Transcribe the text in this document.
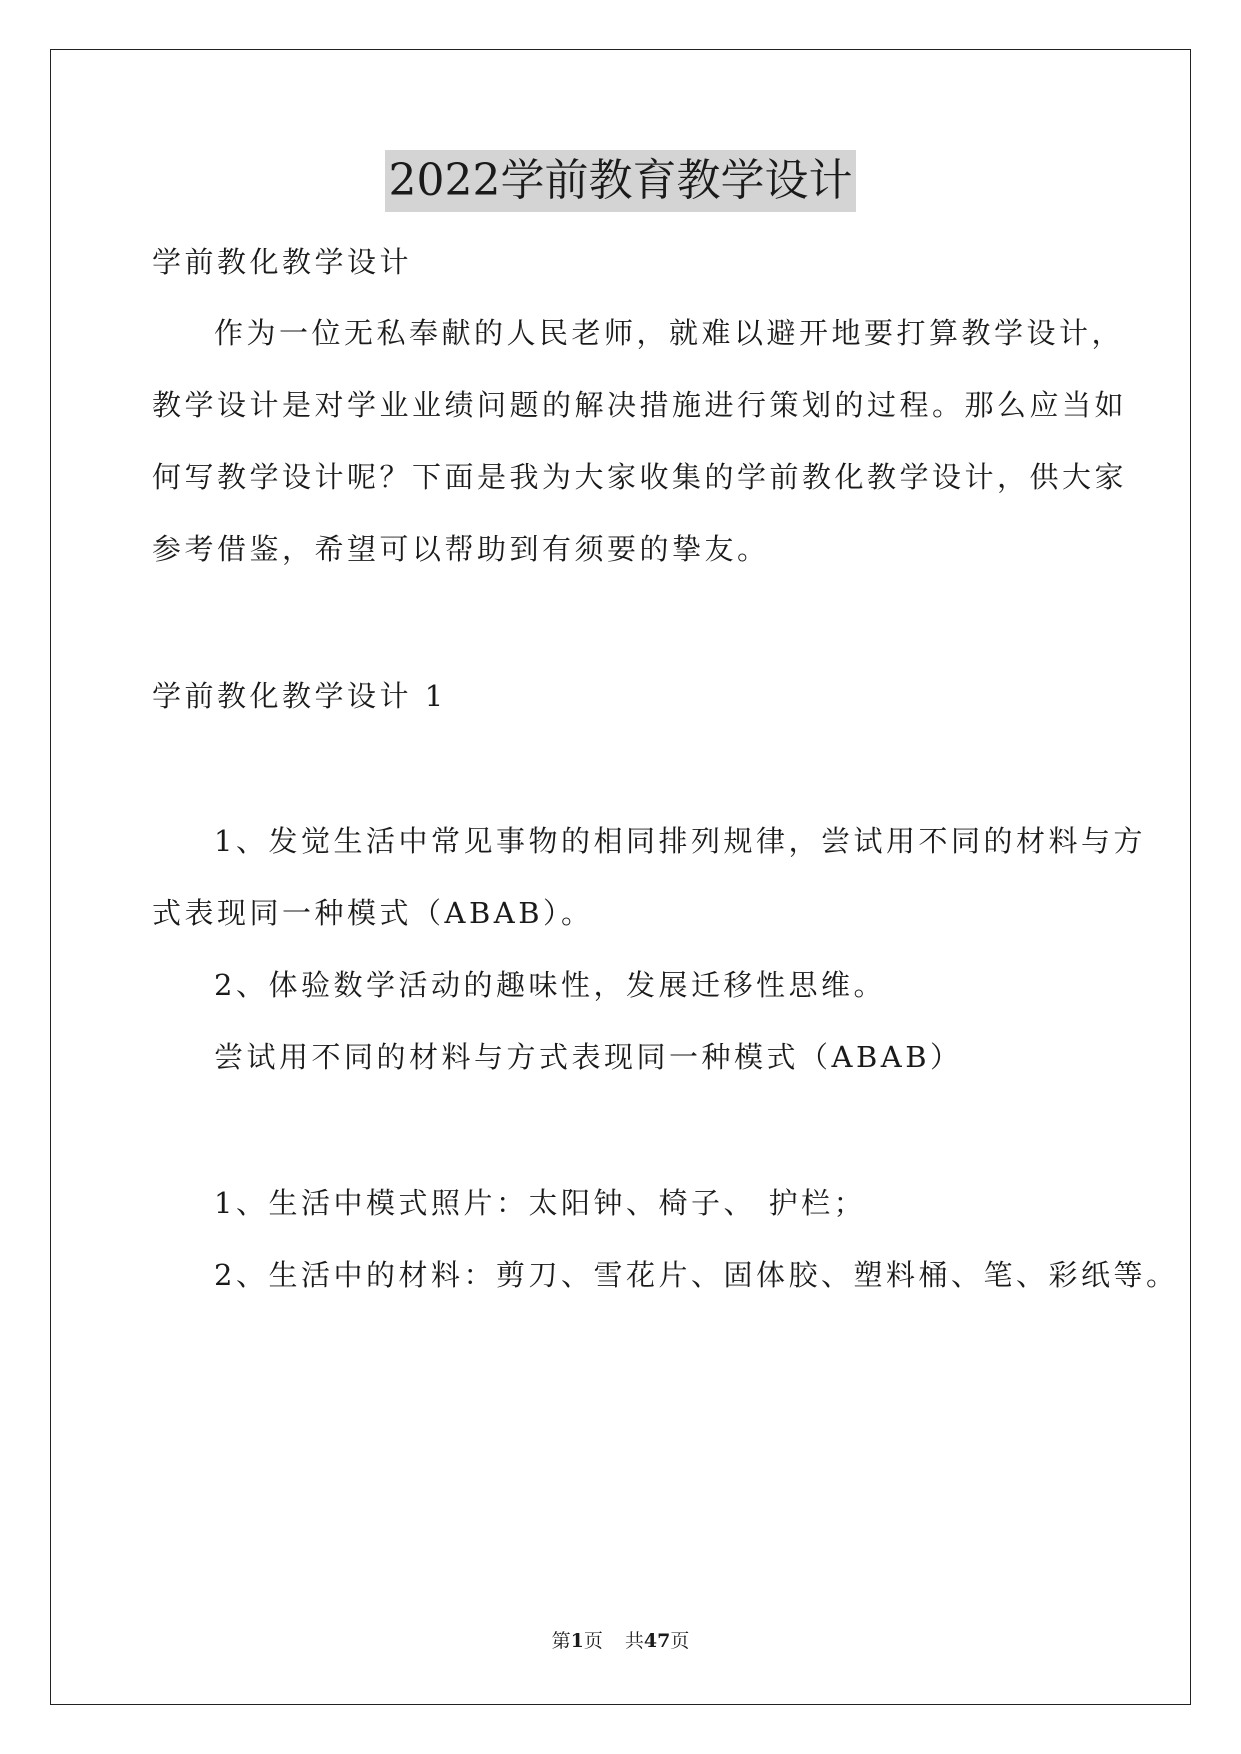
2022学前教育教学设计
学前教化教学设计
作为一位无私奉献的人民老师，就难以避开地要打算教学设计，
教学设计是对学业业绩问题的解决措施进行策划的过程。那么应当如
何写教学设计呢？下面是我为大家收集的学前教化教学设计，供大家
参考借鉴，希望可以帮助到有须要的挚友。
学前教化教学设计 1
1、发觉生活中常见事物的相同排列规律，尝试用不同的材料与方
式表现同一种模式（ABAB）。
2、体验数学活动的趣味性，发展迁移性思维。
尝试用不同的材料与方式表现同一种模式（ABAB）
1、生活中模式照片：太阳钟、椅子、 护栏；
2、生活中的材料：剪刀、雪花片、固体胶、塑料桶、笔、彩纸等。
第1页 共47页
